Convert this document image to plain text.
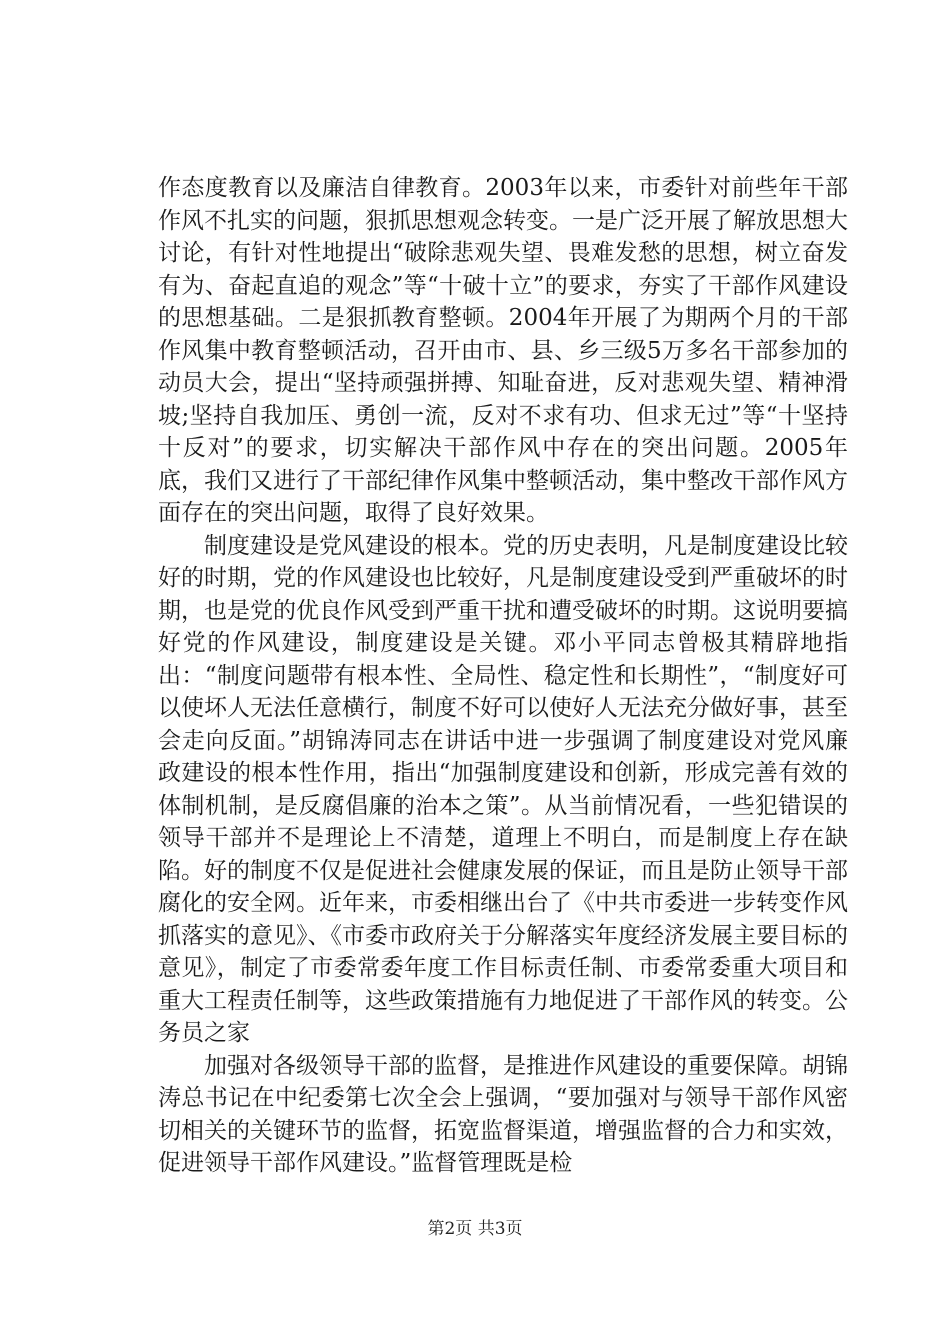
作态度教育以及廉洁自律教育。2003年以来，市委针对前些年干部作风不扎实的问题，狠抓思想观念转变。一是广泛开展了解放思想大讨论，有针对性地提出“破除悲观失望、畏难发愁的思想，树立奋发有为、奋起直追的观念”等“十破十立”的要求，夯实了干部作风建设的思想基础。二是狠抓教育整顿。2004年开展了为期两个月的干部作风集中教育整顿活动，召开由市、县、乡三级5万多名干部参加的动员大会，提出“坚持顽强拼搏、知耻奋进，反对悲观失望、精神滑坡;坚持自我加压、勇创一流，反对不求有功、但求无过”等“十坚持十反对”的要求，切实解决干部作风中存在的突出问题。2005年底，我们又进行了干部纪律作风集中整顿活动，集中整改干部作风方面存在的突出问题，取得了良好效果。

制度建设是党风建设的根本。党的历史表明，凡是制度建设比较好的时期，党的作风建设也比较好，凡是制度建设受到严重破坏的时期，也是党的优良作风受到严重干扰和遭受破坏的时期。这说明要搞好党的作风建设，制度建设是关键。邓小平同志曾极其精辟地指出：“制度问题带有根本性、全局性、稳定性和长期性”，“制度好可以使坏人无法任意横行，制度不好可以使好人无法充分做好事，甚至会走向反面。”胡锦涛同志在讲话中进一步强调了制度建设对党风廉政建设的根本性作用，指出“加强制度建设和创新，形成完善有效的体制机制，是反腐倡廉的治本之策”。从当前情况看，一些犯错误的领导干部并不是理论上不清楚，道理上不明白，而是制度上存在缺陷。好的制度不仅是促进社会健康发展的保证，而且是防止领导干部腐化的安全网。近年来，市委相继出台了《中共市委进一步转变作风抓落实的意见》、《市委市政府关于分解落实年度经济发展主要目标的意见》，制定了市委常委年度工作目标责任制、市委常委重大项目和重大工程责任制等，这些政策措施有力地促进了干部作风的转变。公务员之家

加强对各级领导干部的监督，是推进作风建设的重要保障。胡锦涛总书记在中纪委第七次全会上强调，“要加强对与领导干部作风密切相关的关键环节的监督，拓宽监督渠道，增强监督的合力和实效，促进领导干部作风建设。”监督管理既是检

第2页 共3页
